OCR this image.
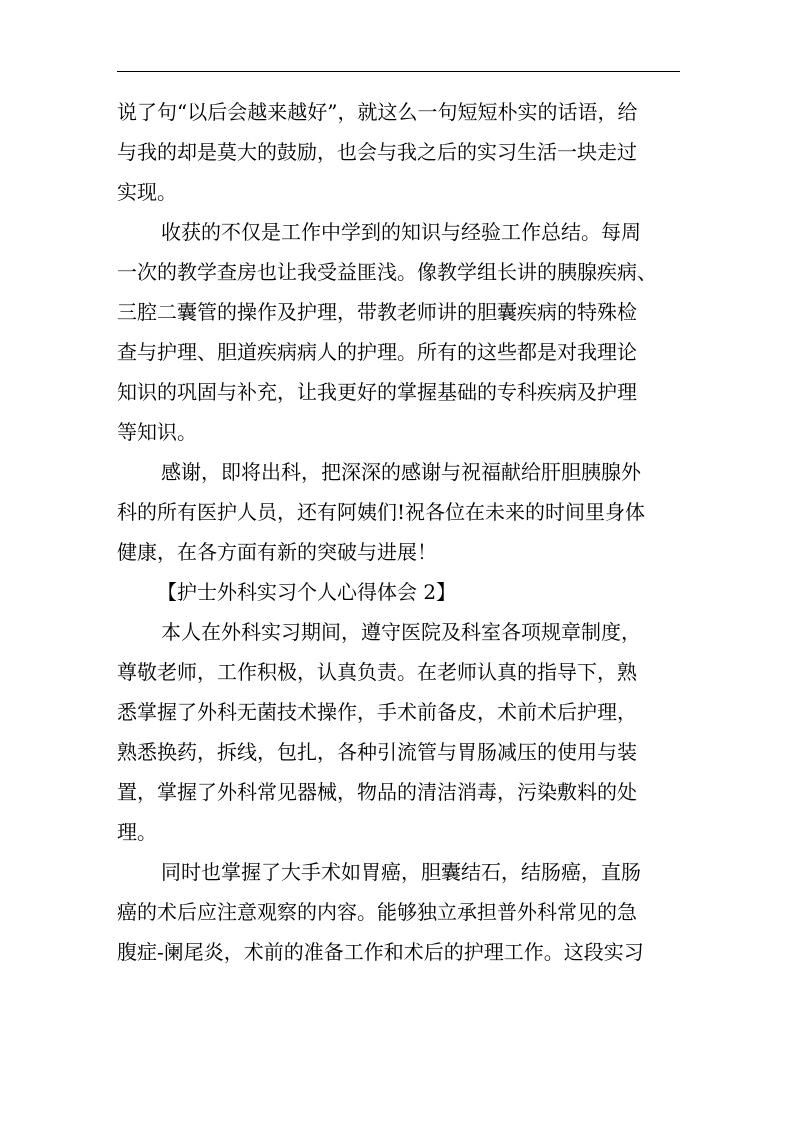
说了句“以后会越来越好”，就这么一句短短朴实的话语，给
与我的却是莫大的鼓励，也会与我之后的实习生活一块走过
实现。
收获的不仅是工作中学到的知识与经验工作总结。每周
一次的教学查房也让我受益匪浅。像教学组长讲的胰腺疾病、
三腔二囊管的操作及护理，带教老师讲的胆囊疾病的特殊检
查与护理、胆道疾病病人的护理。所有的这些都是对我理论
知识的巩固与补充，让我更好的掌握基础的专科疾病及护理
等知识。
感谢，即将出科，把深深的感谢与祝福献给肝胆胰腺外
科的所有医护人员，还有阿姨们!祝各位在未来的时间里身体
健康，在各方面有新的突破与进展！
【护士外科实习个人心得体会 2】
本人在外科实习期间，遵守医院及科室各项规章制度，
尊敬老师，工作积极，认真负责。在老师认真的指导下，熟
悉掌握了外科无菌技术操作，手术前备皮，术前术后护理，
熟悉换药，拆线，包扎，各种引流管与胃肠减压的使用与装
置，掌握了外科常见器械，物品的清洁消毒，污染敷料的处
理。
同时也掌握了大手术如胃癌，胆囊结石，结肠癌，直肠
癌的术后应注意观察的内容。能够独立承担普外科常见的急
腹症-阑尾炎，术前的准备工作和术后的护理工作。这段实习
